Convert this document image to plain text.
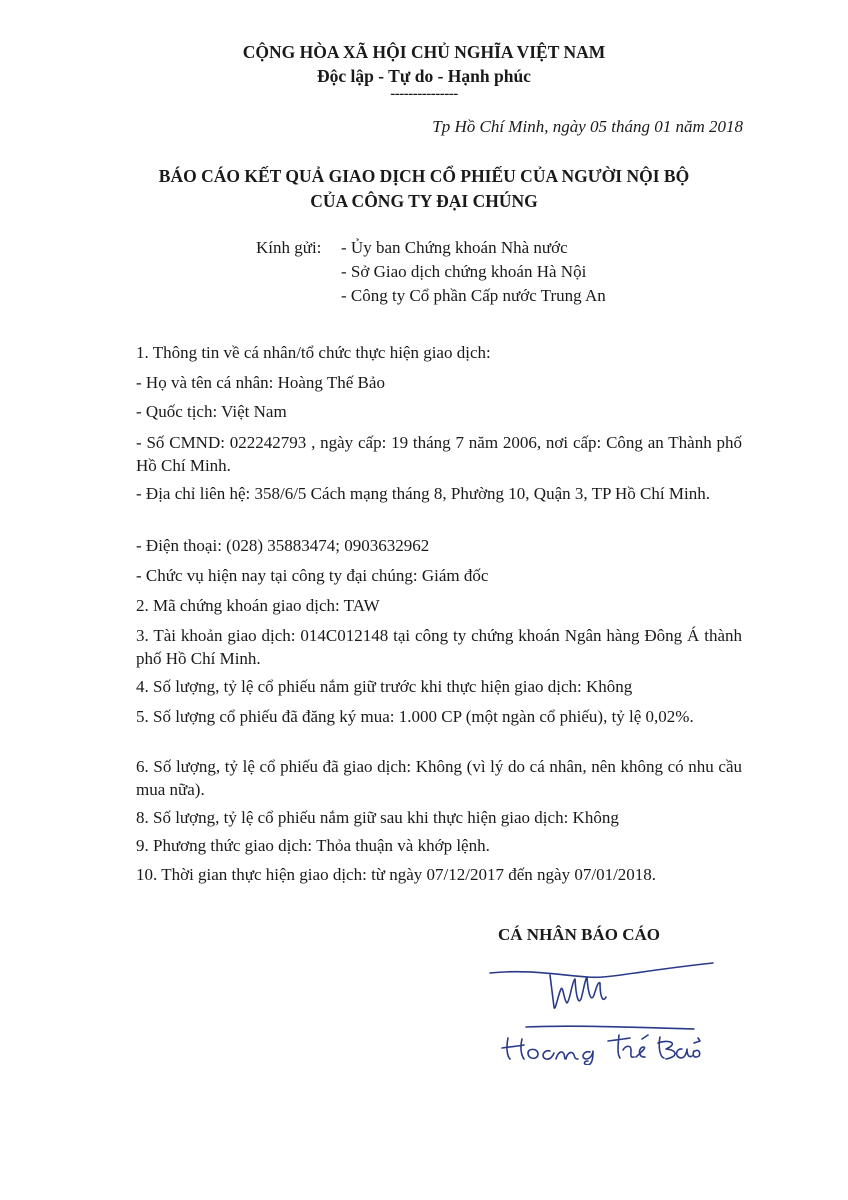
CỘNG HÒA XÃ HỘI CHỦ NGHĨA VIỆT NAM
Độc lập - Tự do - Hạnh phúc
---------------
Tp Hồ Chí Minh, ngày 05 tháng 01 năm 2018
BÁO CÁO KẾT QUẢ GIAO DỊCH CỔ PHIẾU CỦA NGƯỜI NỘI BỘ
CỦA CÔNG TY ĐẠI CHÚNG
Kính gửi: - Ủy ban Chứng khoán Nhà nước
- Sở Giao dịch chứng khoán Hà Nội
- Công ty Cổ phần Cấp nước Trung An

1. Thông tin về cá nhân/tổ chức thực hiện giao dịch:

- Họ và tên cá nhân: Hoàng Thế Bảo

- Quốc tịch: Việt Nam

- Số CMND: 022242793 , ngày cấp: 19 tháng 7 năm 2006, nơi cấp: Công an Thành phố Hồ Chí Minh.

- Địa chỉ liên hệ: 358/6/5 Cách mạng tháng 8, Phường 10, Quận 3, TP Hồ Chí Minh.

- Điện thoại: (028) 35883474; 0903632962

- Chức vụ hiện nay tại công ty đại chúng: Giám đốc

2. Mã chứng khoán giao dịch: TAW

3. Tài khoản giao dịch: 014C012148 tại công ty chứng khoán Ngân hàng Đông Á thành phố Hồ Chí Minh.

4. Số lượng, tỷ lệ cổ phiếu nắm giữ trước khi thực hiện giao dịch: Không

5. Số lượng cổ phiếu đã đăng ký mua: 1.000 CP (một ngàn cổ phiếu), tỷ lệ 0,02%.

6. Số lượng, tỷ lệ cổ phiếu đã giao dịch: Không (vì lý do cá nhân, nên không có nhu cầu mua nữa).

8. Số lượng, tỷ lệ cổ phiếu nắm giữ sau khi thực hiện giao dịch: Không

9. Phương thức giao dịch: Thỏa thuận và khớp lệnh.

10. Thời gian thực hiện giao dịch: từ ngày 07/12/2017 đến ngày 07/01/2018.

CÁ NHÂN BÁO CÁO
